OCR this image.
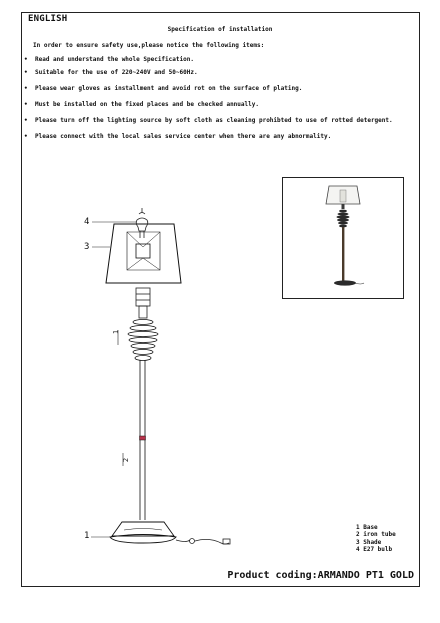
ENGLISH
Specification of installation
In order to ensure safety use,please notice the following items:
• Read and understand the whole Specification.
• Suitable for the use of 220~240V and 50~60Hz.
• Please wear gloves as installment and avoid rot on the surface of plating.
• Must be installed on the fixed places and be checked annually.
• Please turn off the lighting source by soft cloth as cleaning prohibted to use of rotted detergent.
• Please connect with the local sales service center when there are any abnormality.
1
2
4
3
1
1 Base
2 iron tube
3 Shade
4 E27 bulb
Product coding:ARMANDO PT1 GOLD
